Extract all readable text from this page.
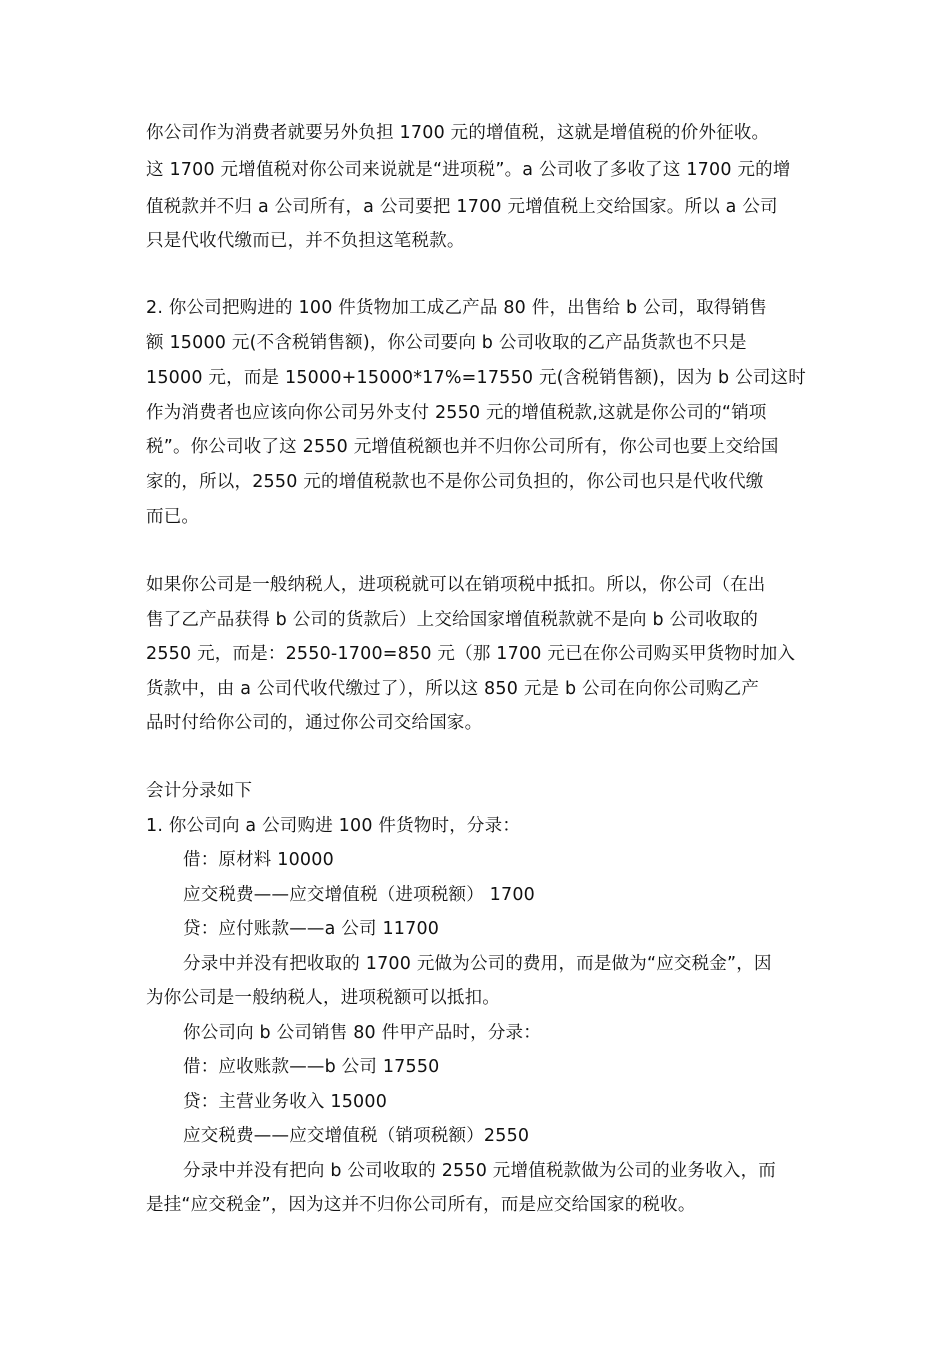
你公司作为消费者就要另外负担 1700 元的增值税，这就是增值税的价外征收。
这 1700 元增值税对你公司来说就是“进项税”。a 公司收了多收了这 1700 元的增
值税款并不归 a 公司所有，a 公司要把 1700 元增值税上交给国家。所以 a 公司
只是代收代缴而已，并不负担这笔税款。
2. 你公司把购进的 100 件货物加工成乙产品 80 件，出售给 b 公司，取得销售
额 15000 元(不含税销售额)，你公司要向 b 公司收取的乙产品货款也不只是
15000 元，而是 15000+15000*17%=17550 元(含税销售额)，因为 b 公司这时
作为消费者也应该向你公司另外支付 2550 元的增值税款,这就是你公司的“销项
税”。你公司收了这 2550 元增值税额也并不归你公司所有，你公司也要上交给国
家的，所以，2550 元的增值税款也不是你公司负担的，你公司也只是代收代缴
而已。
如果你公司是一般纳税人，进项税就可以在销项税中抵扣。所以，你公司（在出
售了乙产品获得 b 公司的货款后）上交给国家增值税款就不是向 b 公司收取的
2550 元，而是：2550-1700=850 元（那 1700 元已在你公司购买甲货物时加入
货款中，由 a 公司代收代缴过了），所以这 850 元是 b 公司在向你公司购乙产
品时付给你公司的，通过你公司交给国家。
会计分录如下
1. 你公司向 a 公司购进 100 件货物时，分录：
借：原材料 10000
应交税费——应交增值税（进项税额） 1700
贷：应付账款——a 公司 11700
分录中并没有把收取的 1700 元做为公司的费用，而是做为“应交税金”，因
为你公司是一般纳税人，进项税额可以抵扣。
你公司向 b 公司销售 80 件甲产品时，分录：
借：应收账款——b 公司 17550
贷：主营业务收入 15000
应交税费——应交增值税（销项税额）2550
分录中并没有把向 b 公司收取的 2550 元增值税款做为公司的业务收入，而
是挂“应交税金”，因为这并不归你公司所有，而是应交给国家的税收。
